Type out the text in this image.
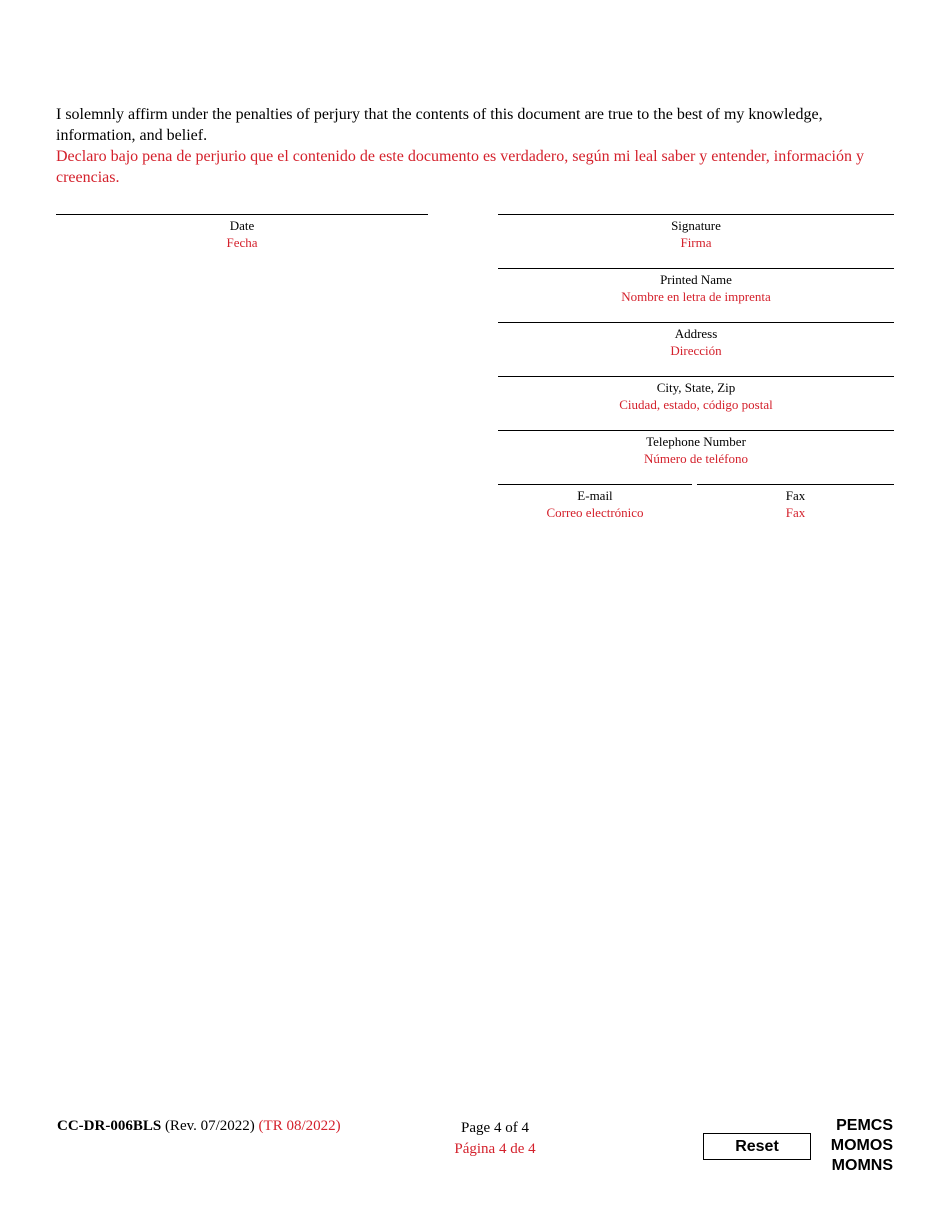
I solemnly affirm under the penalties of perjury that the contents of this document are true to the best of my knowledge, information, and belief.

Declaro bajo pena de perjurio que el contenido de este documento es verdadero, según mi leal saber y entender, información y creencias.

Date
Fecha
Signature
Firma
Printed Name
Nombre en letra de imprenta
Address
Dirección
City, State, Zip
Ciudad, estado, código postal
Telephone Number
Número de teléfono
E-mail
Correo electrónico
Fax
Fax
CC-DR-006BLS (Rev. 07/2022) (TR 08/2022)	Page 4 of 4
Página 4 de 4	Reset
PEMCS
MOMOS
MOMNS
